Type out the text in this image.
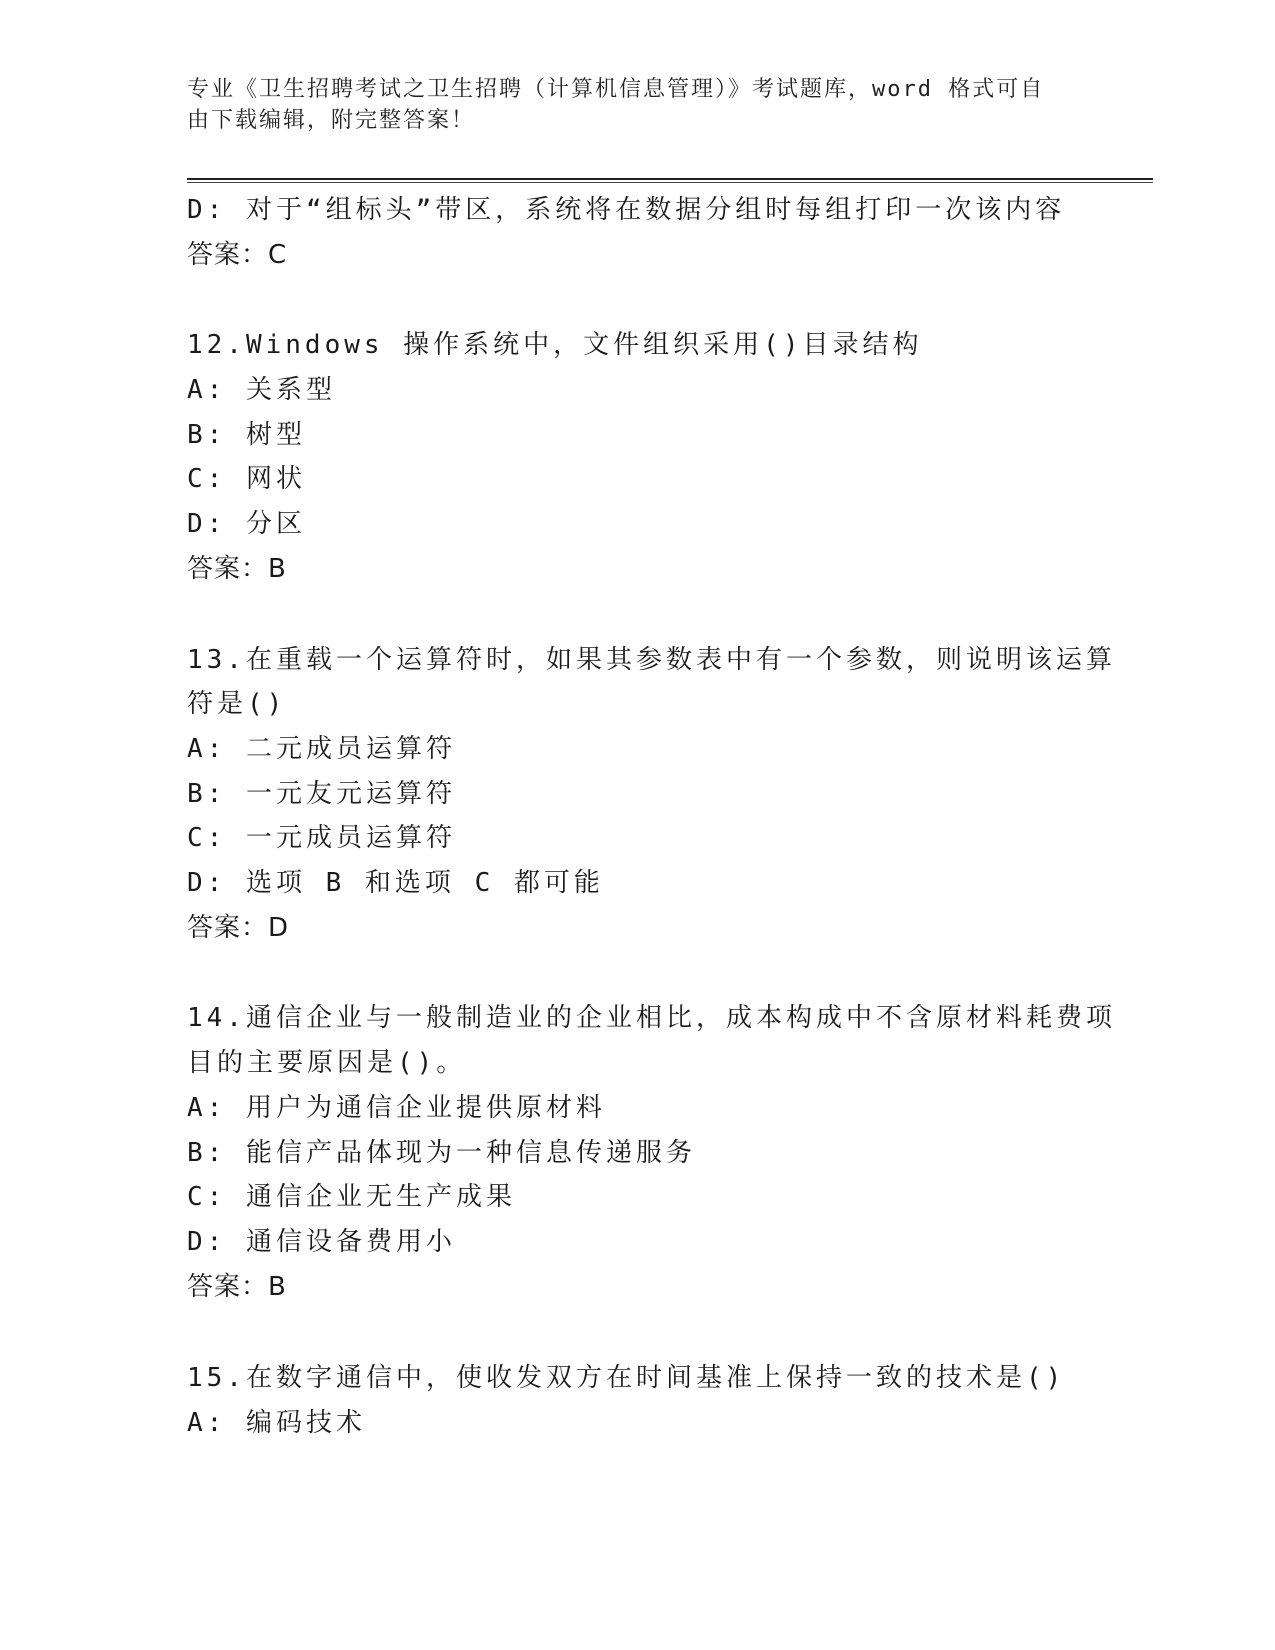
专业《卫生招聘考试之卫生招聘（计算机信息管理）》考试题库，word 格式可自
由下载编辑，附完整答案！
D: 对于“组标头”带区，系统将在数据分组时每组打印一次该内容
答案：C
12.Windows 操作系统中，文件组织采用()目录结构
A: 关系型
B: 树型
C: 网状
D: 分区
答案：B
13.在重载一个运算符时，如果其参数表中有一个参数，则说明该运算
符是()
A: 二元成员运算符
B: 一元友元运算符
C: 一元成员运算符
D: 选项 B 和选项 C 都可能
答案：D
14.通信企业与一般制造业的企业相比，成本构成中不含原材料耗费项
目的主要原因是()。
A: 用户为通信企业提供原材料
B: 能信产品体现为一种信息传递服务
C: 通信企业无生产成果
D: 通信设备费用小
答案：B
15.在数字通信中，使收发双方在时间基准上保持一致的技术是()
A: 编码技术
